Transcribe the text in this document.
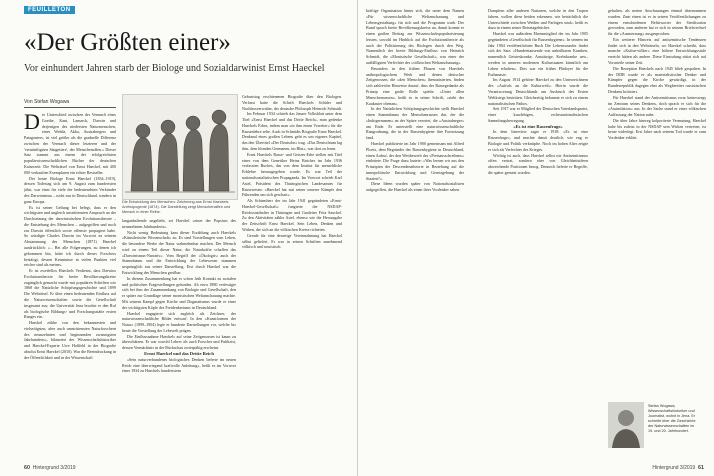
FEUILLETON
«Der Größten einer»
Vor einhundert Jahren starb der Biologe und Sozialdarwinist Ernst Haeckel
Von Stefan Wogawa

Der Unterschied zwischen der Vernunft eines Goethe, Kant, Lamarck, Darwin und derjenigen des niedersten Naturmenschen, eines Wedda, Akka, Australnegers und Patagoniers, ist viel größer als die graduelle Differenz zwischen der Vernunft dieser letzteren und der 'vernünftigsten Säugetiere', der Menschenaffen.» Dieser Satz stammt aus einem der erfolgreichsten populärwissenschaftlichen Bücher der deutschen Kaiserzeit: Die Welträtsel von Ernst Haeckel, mit 400 000 verkauften Exemplaren ein echter Bestseller.

Der heute Biologe Ernst Haeckel (1834–1919), dessen Todestag sich am 9. August zum hundertsten jährt, war einst für viele der bedeutendsten Verkünder des Darwinismus – nicht nur in Deutschland, sondern in ganz Europa.

Es ist seiner Geltung bei belegt, dass er den wichtigsten und ungleich unstrittensten Anspruch an der Durchsetzung der darwinistischen Evolutionstheorie – die Entstehung des Menschen – aufgegriffen und noch zur Darwin öffentlich sowie offensiv propagiert habe. So würdigte Charles Darwin im Vorwort zu seinem Abstammung des Menschen (1871) Haeckel ausdrücklich: «... Bei alle Folgerungen, zu denen ich gekommen bin, hätte ich durch dieses Forschers bestätigt, dessen Kenntnisse in vielen Punkten viel reicher sind als meine».

Er ist zweifellos Haeckels Verdienst, dass Darwins Evolutionstheorie für breite Bevölkerungskreise zugänglich gemacht wurde mit populären Schriften wie 1868 die Natürliche Schöpfungsgeschichte und 1899 Die Welträtsel. Er übte einen bedeutenden Einfluss auf die Naturwissenschaften sowie die Gesellschaft insgesamt aus; der Universität Jena brachte er den Ruf als biologische Bildungs- und Forschungsstätte ersten Ranges ein.

Haeckel zählte von den bekanntesten und vielseitigsten, aber auch umstrittensten Naturforschern des neunzehnten und beginnenden zwanzigsten Jahrhunderts«, bilanziert der Wissenschaftshistoriker und Haeckel-Experte Uwe Hoßfeld in der Biografie absolut Ernst Haeckel (2010). War die Beeindruckung in der Öffentlichkeit und in der Wissenschaft

Die Entwicklung des Menschen: Zeichnung aus Ernst Haeckels Anthropogenie (1874). Die Darstellung zeigt Menschenaffen und Mensch in einer Reihe.

langanhaltende ungeliebt, sei Haeckel »einer der Popstars des neunzehnten Jahrhunderts«.

Nicht wenig Bedeutung kam dieser Erzählung auch Haeckels »Künstlerische Wissenschaft« zu. Es sind Vorstellungen vom Leben, die besondere Werke der Natur wahrnehmbar machen. Der Mensch wird zu einem Teil dieser Natur, die Naturkräfte schaffen das »Darwinismus-Narrativ«. Vom Begriff der »Ökologie« auch der Stammbaum und die Entwicklung der Lebewesen stammen ursprünglich aus seiner Darstellung. Erst durch Haeckel war die Entwicklung des Menschen greifbar.

In diesem Zusammenhang hat er schon früh Kontakt zu sozialen und politischen Fragestellungen gefunden. Ab etwa 1880 verfestigte sich bei ihm der Zusammenhang von Biologie und Gesellschaft, den er später zur Grundlage seiner monistischen Weltanschauung machte. Mit seinem Kampf gegen Kirche und Dogmatismus wurde er einer der wichtigsten Köpfe des Freidenkertums in Deutschland.

Haeckel engagierte sich zugleich als Zeichner, der naturwissenschaftliche Bilder entwarf. In den »Kunstformen der Natur« (1899–1904) legte er hunderte Darstellungen vor, welche bis heute die Vorstellung der Lebewelt prägen.

Die Einflussnahme Haeckels auf seine Zeitgenossen ist kaum zu überschätzen. Er war sowohl Lehrer als auch Forscher und Publizist, dessen Vermächtnis in der Rückschau zwiespältig erscheint.

Ernst Haeckel und das Dritte Reich

»Sein naturverbundenes biologisches Denken lieferte im neuen Reich eine überwiegend kraftvolle Anleitung«, heißt es im Vorwort einer 1934 zu Haeckels hundertstem

Geburtstag erschienenen Biografie über den Biologen. Verfasst hatte die Schrift Haeckels Schüler und Nachlassverwalter, der deutsche Philosoph Heinrich Schmidt.

Im Februar 1934 schrieb das Jenaer Volksblatt unter dem Titel »Ernst Haeckel und das Dritte Reich«, man gedenke Haeckels Erbes, indem man »in ihm einen Vorreiter« für die Rassenlehre sehe. Auch in Schmidts Biografie Ernst Haeckel. Denkmal eines großen Lebens geht es um eigenes Kapitel, das den Übertitel »Der Deutsche« trug. »Das Deutschtum lag ihm, dem blonden Germanen, im Blut«, war dort zu lesen.

Ernst Haeckels Rasse- und Geistes-Erbe stellen mit Titel eines von dem Genetiker Heinz Brücher im Jahr 1936 verfassten Buches, das von dem Institut für menschliche Erblehre herausgegeben wurde. Es war Teil der nationalsozialistischen Propaganda. Im Vorwort schrieb Karl Astel, Präsident des Thüringischen Landesamtes für Rassewesen: »Haeckel hat mit seiner unserer Kämpfe den Führenden um sich geschart«.

Als Schirmherr der im Jahr 1941 gegründeten »Ernst-Haeckel-Gesellschaft« fungierte der NSDAP-Reichsstatthalter in Thüringen und Gauleiter Fritz Sauckel. Zu den Aktivitäten zählte Astel, ebenso wie die Herausgabe der Zeitschrift Ernst Haeckel. Sein Leben, Denken und Wirken, die sich an die völkischen Kreise richteten.

Gerade für eine derartige Vereinnahmung hat Haeckel selbst geliefert. Er war in seinen Schriften zunehmend völkisch und rassistisch.

60 Hintergrund 3/2019

kräftige Organisation hinter sich, die unter dem Namen »Für wissenschaftliche Weltanschauung und Lebensgestaltung« für sich und die Programm warb. Der Bund sprach breite Bevölkerungskreise an, damit konnte er einen großen Beitrag zur Wissenschaftspopularisierung leisten, sowohl im Hinblick auf die Evolutionstheorie als auch der Politisierung des Biologen durch den Weg. Namentlich der breite Bildungs-Einfluss von Heinrich Schmidt, die »Monistische Gesellschaft«, war einer der auffälligsten Verfechter der »völkischen Weltanschauung«.

Besonders in den frühen Phasen von Haeckels anthropologischem Werk und denen deutscher Zeitgenossen, die »den Menschen« thematisierten, finden sich zahlreiche Hinweise darauf, dass der Rassegedanke als Prinzip eine große Rolle spielte. »Unter allen Menschenrassen«, heißt es in seiner Schrift, »steht der Kaukasier obenan«.

In der Natürlichen Schöpfungsgeschichte stellt Haeckel einen Stammbaum der Menschenrassen dar, der die »Indogermanen« an der Spitze verortet, die »Australneger« am Ende. Er unterstellt eine naturwissenschaftliche Rangordnung, die in der Rassenhygiene ihre Fortsetzung fand.

Haeckel publizierte im Jahr 1900 gemeinsam mit Alfred Ploetz, dem Begründer der Rassenhygiene in Deutschland, einen Aufruf, der den Wettbewerb des »Preisausschreibens« einleitete. Die Frage dazu lautete: »Was lernen wir aus den Prinzipien der Descendenztheorie in Beziehung auf die innerpolitische Entwicklung und Gesetzgebung der Staaten?«.

Diese Ideen wurden später von Nationalsozialisten aufgegriffen, die Haeckel als einen ihrer Vordenker sahen.

Dampfern aller anderen Nationen, welche in den Tropen fahren, wollen diese beiden erkennen, wie beträchtlich die Unterschiede zwischen Weißen und Farbigen sind«, heißt es dazu in einem seiner Reisetagebücher.

Haeckel war außerdem Ehrenmitglied der im Jahr 1905 gegründeten »Gesellschaft für Rassenhygiene«. In seinem im Jahr 1904 veröffentlichten Buch Die Lebenswunder findet sich der Satz: »Hunderttausende von unheilbaren Kranken, namentlich Geisteskranke, Aussätzige, Krebskranke usw., werden in unseren modernen Kulturstaaten künstlich am Leben erhalten«. Dies war ein frühes Plädoyer für die Euthanasie.

Im August 1914 gehörte Haeckel zu den Unterzeichnern des »Aufrufs an die Kulturwelt«. Hierin wurde die Verantwortung Deutschlands am Ausbruch des Ersten Weltkriegs bestritten. Gleichzeitig bekannte er sich zu einem nationalistischen Pathos.

Seit 1917 war er Mitglied der Deutschen Vaterlandspartei, einer kurzlebigen, rechtsnationalistischen Sammlungsbewegung.

«Es ist eine Rassenfrage»

In dem Interview sagte er 1918: »Es ist eine Rassenfrage«, und machte damit deutlich, wie eng er Biologie und Politik verknüpfte. Noch im hohen Alter zeigte er sich als Verfechter des Krieges.

Wichtig ist auch, dass Haeckel selbst nie Antisemitismus offen vertrat, sondern eher von Gleichheitsideen abweichende Positionen bezog. Dennoch lieferte er Begriffe, die später genutzt wurden.

gehalten, als meine Anschauungen einmal übernommen wurden. Zum einen ist er in seinen Veröffentlichungen zu einem entschiedenen Befürworter der Sterilisation geworden, zum anderen hat er sich in seinem Briefwechsel für die »Ausmerzung« ausgesprochen.

Ein weiterer Hinweis auf antisemitische Tendenzen findet sich in den Welträtseln, wo Haeckel schreibt, dass manche »Kultur-völker« eine höhere Entwicklungsstufe erreicht hätten als andere. Diese Einstufung stützt sich auf Vorurteile seiner Zeit.

Die Rezeption Haeckels nach 1945 blieb gespalten. In der DDR wurde er als materialistischer Denker und Kämpfer gegen die Kirche gewürdigt, in der Bundesrepublik dagegen eher als Wegbereiter rassistischen Denkens kritisiert.

Für Haeckel stand der Antisemitismus zwar keineswegs im Zentrum seines Denkens, doch sprach er sich für die »Assimilation« aus. In der Sache stand er einer völkischen Auffassung der Nation nahe.

Die über Jahre hinweg kolportierte Vermutung, Haeckel habe bis zuletzt in der NSDAP sein Wirken vertreten, ist heute widerlegt. Erst Jahre nach seinem Tod wurde er zum Vordenker erklärt.

Stefan Wogawa, Wissenschaftshistoriker und Journalist, wohnt in Jena. Er schreibt über die Geschichte der Naturwissenschaften im 19. und 20. Jahrhundert.
Hintergrund 3/2019 61
